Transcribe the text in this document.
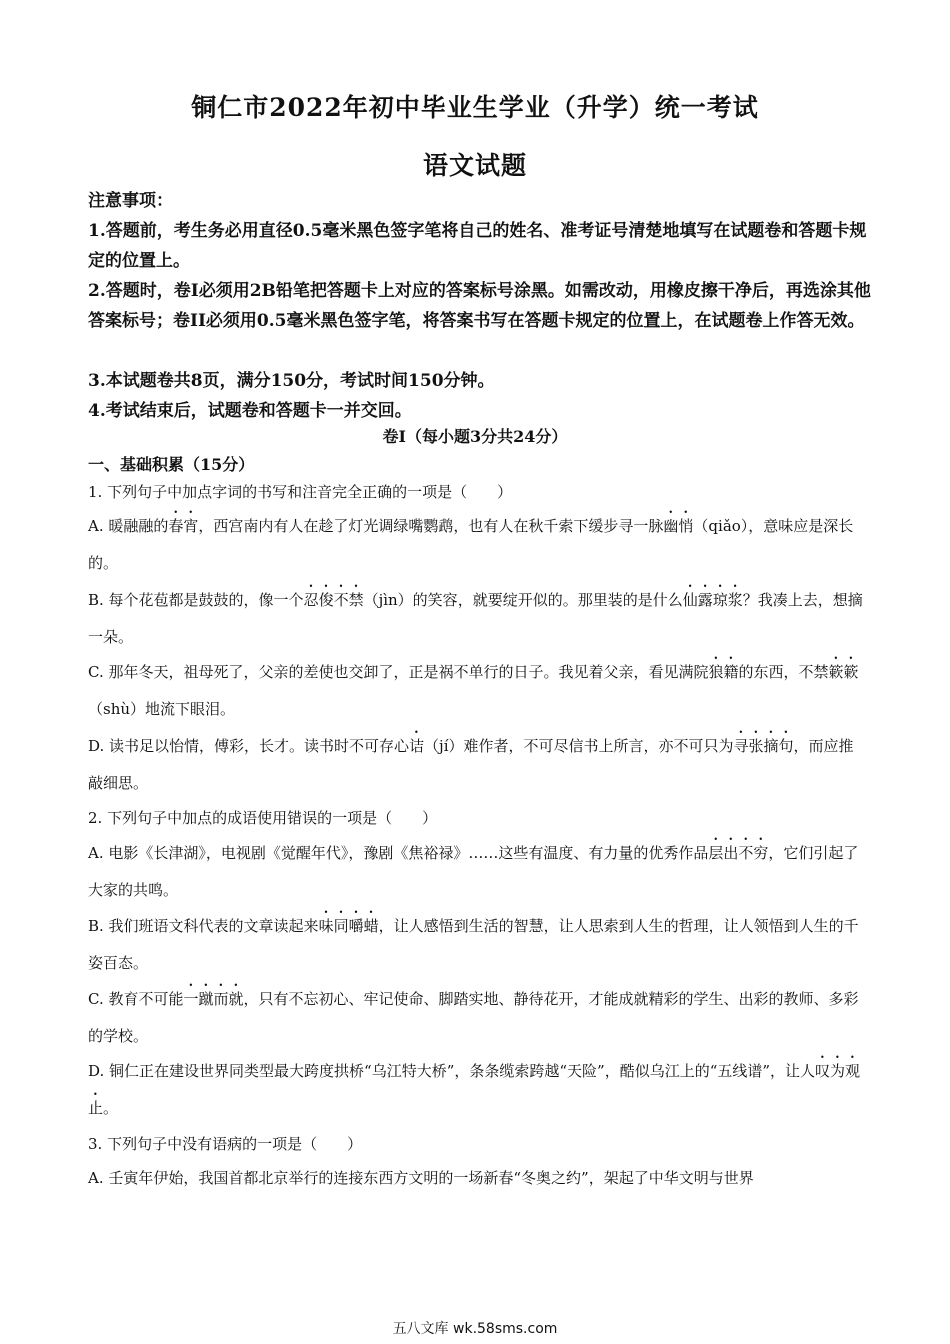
铜仁市2022年初中毕业生学业（升学）统一考试
语文试题
注意事项：
1.答题前，考生务必用直径0.5毫米黑色签字笔将自己的姓名、准考证号清楚地填写在试题卷和答题卡规定的位置上。
2.答题时，卷I必须用2B铅笔把答题卡上对应的答案标号涂黑。如需改动，用橡皮擦干净后，再选涂其他答案标号；卷II必须用0.5毫米黑色签字笔，将答案书写在答题卡规定的位置上，在试题卷上作答无效。
3.本试题卷共8页，满分150分，考试时间150分钟。
4.考试结束后，试题卷和答题卡一并交回。
卷I（每小题3分共24分）
一、基础积累（15分）
1. 下列句子中加点字词的书写和注音完全正确的一项是（　　）
A. 暖融融的春宵，西宫南内有人在趁了灯光调绿嘴鹦鹉，也有人在秋千索下缓步寻一脉幽悄（qiǎo），意味应是深长的。
B. 每个花苞都是鼓鼓的，像一个忍俊不禁（jìn）的笑容，就要绽开似的。那里装的是什么仙露琼浆？我凑上去，想摘一朵。
C. 那年冬天，祖母死了，父亲的差使也交卸了，正是祸不单行的日子。我见着父亲，看见满院狼籍的东西，不禁簌簌（shù）地流下眼泪。
D. 读书足以怡情，傅彩，长才。读书时不可存心诘（jí）难作者，不可尽信书上所言，亦不可只为寻张摘句，而应推敲细思。
2. 下列句子中加点的成语使用错误的一项是（　　）
A. 电影《长津湖》，电视剧《觉醒年代》，豫剧《焦裕禄》……这些有温度、有力量的优秀作品层出不穷，它们引起了大家的共鸣。
B. 我们班语文科代表的文章读起来味同嚼蜡，让人感悟到生活的智慧，让人思索到人生的哲理，让人领悟到人生的千姿百态。
C. 教育不可能一蹴而就，只有不忘初心、牢记使命、脚踏实地、静待花开，才能成就精彩的学生、出彩的教师、多彩的学校。
D. 铜仁正在建设世界同类型最大跨度拱桥“乌江特大桥”，条条缆索跨越“天险”，酷似乌江上的“五线谱”，让人叹为观止。
3. 下列句子中没有语病的一项是（　　）
A. 壬寅年伊始，我国首都北京举行的连接东西方文明的一场新春“冬奥之约”，架起了中华文明与世界
五八文库 wk.58sms.com
